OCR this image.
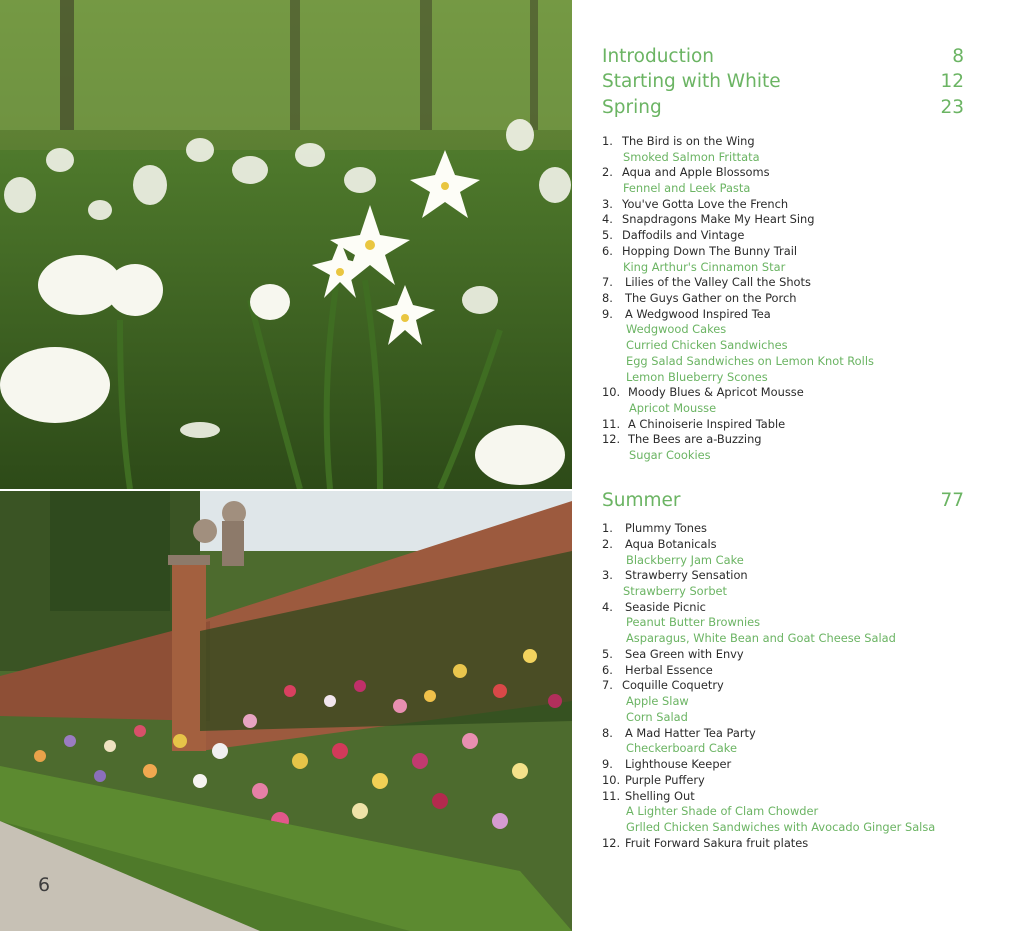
6
Introduction	8
Starting with White	12
Spring	23
1. The Bird is on the Wing
Smoked Salmon Frittata
2. Aqua and Apple Blossoms
Fennel and Leek Pasta
3. You've Gotta Love the French
4. Snapdragons Make My Heart Sing
5. Daffodils and Vintage
6. Hopping Down The Bunny Trail
King Arthur's Cinnamon Star
7. Lilies of the Valley Call the Shots
8. The Guys Gather on the Porch
9. A Wedgwood Inspired Tea
Wedgwood Cakes
Curried Chicken Sandwiches
Egg Salad Sandwiches on Lemon Knot Rolls
Lemon Blueberry Scones
10. Moody Blues & Apricot Mousse
Apricot Mousse
11. A Chinoiserie Inspired Table
12. The Bees are a-Buzzing
Sugar Cookies
Summer	77
1. Plummy Tones
2. Aqua Botanicals
Blackberry Jam Cake
3. Strawberry Sensation
Strawberry Sorbet
4. Seaside Picnic
Peanut Butter Brownies
Asparagus, White Bean and Goat Cheese Salad
5. Sea Green with Envy
6. Herbal Essence
7. Coquille Coquetry
Apple Slaw
Corn Salad
8. A Mad Hatter Tea Party
Checkerboard Cake
9. Lighthouse Keeper
10. Purple Puffery
11. Shelling Out
A Lighter Shade of Clam Chowder
Grlled Chicken Sandwiches with Avocado Ginger Salsa
12. Fruit Forward Sakura fruit plates
